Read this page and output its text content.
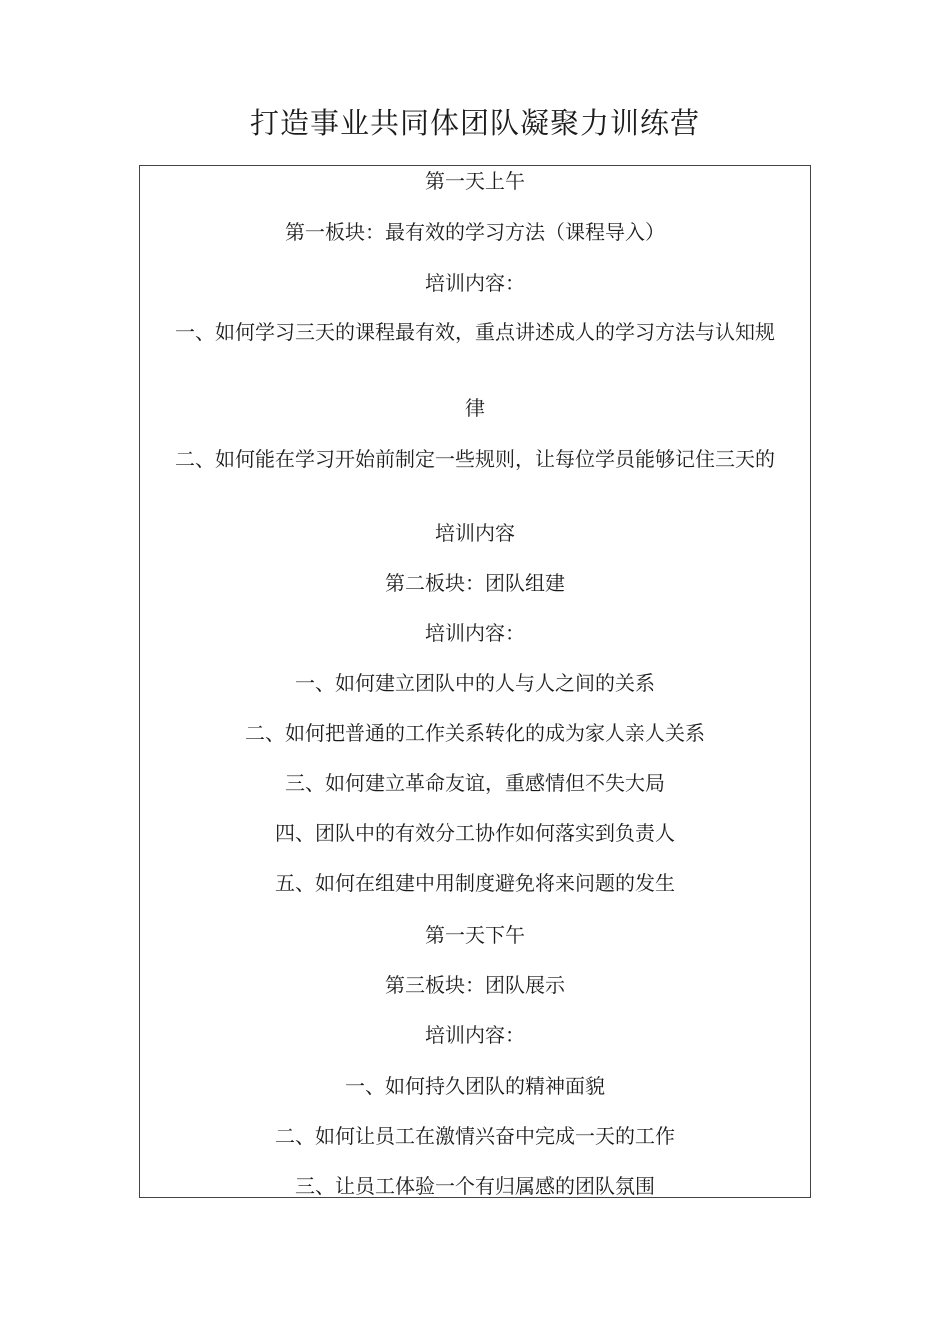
打造事业共同体团队凝聚力训练营
第一天上午
第一板块：最有效的学习方法（课程导入）
培训内容：
一、如何学习三天的课程最有效，重点讲述成人的学习方法与认知规
律
二、如何能在学习开始前制定一些规则，让每位学员能够记住三天的
培训内容
第二板块：团队组建
培训内容：
一、如何建立团队中的人与人之间的关系
二、如何把普通的工作关系转化的成为家人亲人关系
三、如何建立革命友谊，重感情但不失大局
四、团队中的有效分工协作如何落实到负责人
五、如何在组建中用制度避免将来问题的发生
第一天下午
第三板块：团队展示
培训内容：
一、如何持久团队的精神面貌
二、如何让员工在激情兴奋中完成一天的工作
三、让员工体验一个有归属感的团队氛围
